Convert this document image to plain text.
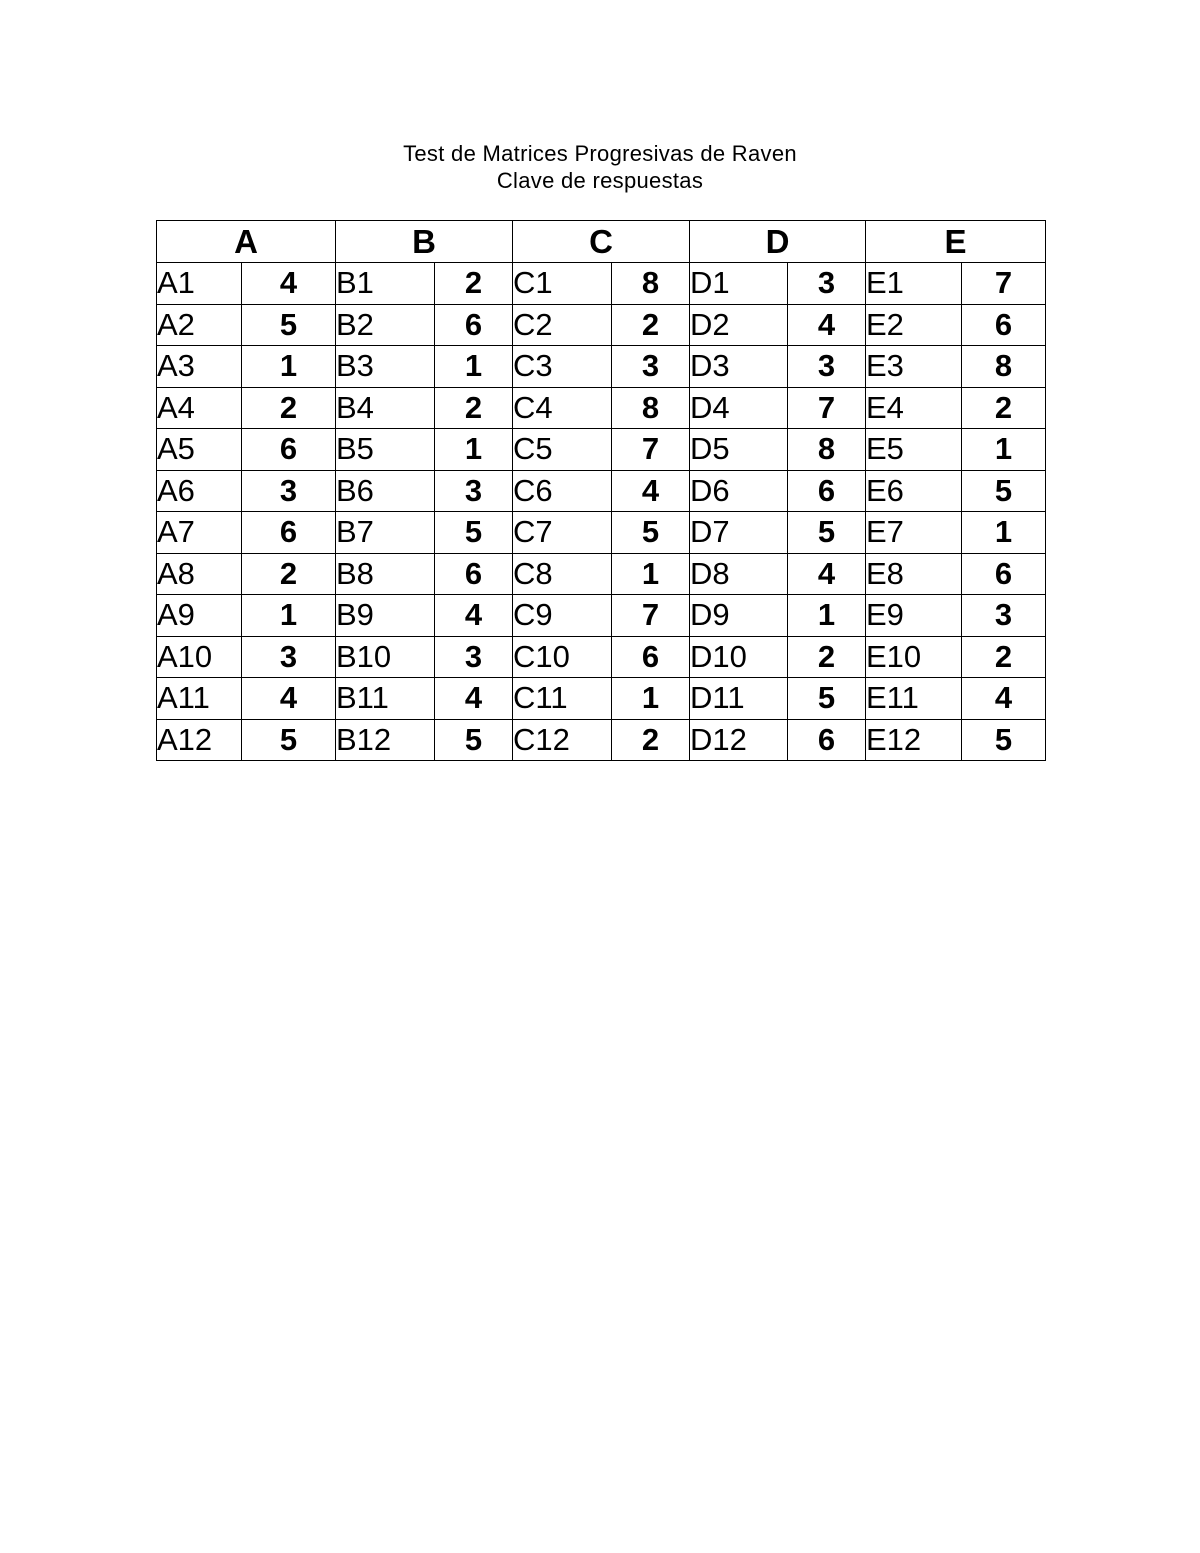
Test de Matrices Progresivas de Raven
Clave de respuestas
A		B		C		D		E	
A1	4	B1	2	C1	8	D1	3	E1	7
A2	5	B2	6	C2	2	D2	4	E2	6
A3	1	B3	1	C3	3	D3	3	E3	8
A4	2	B4	2	C4	8	D4	7	E4	2
A5	6	B5	1	C5	7	D5	8	E5	1
A6	3	B6	3	C6	4	D6	6	E6	5
A7	6	B7	5	C7	5	D7	5	E7	1
A8	2	B8	6	C8	1	D8	4	E8	6
A9	1	B9	4	C9	7	D9	1	E9	3
A10	3	B10	3	C10	6	D10	2	E10	2
A11	4	B11	4	C11	1	D11	5	E11	4
A12	5	B12	5	C12	2	D12	6	E12	5
